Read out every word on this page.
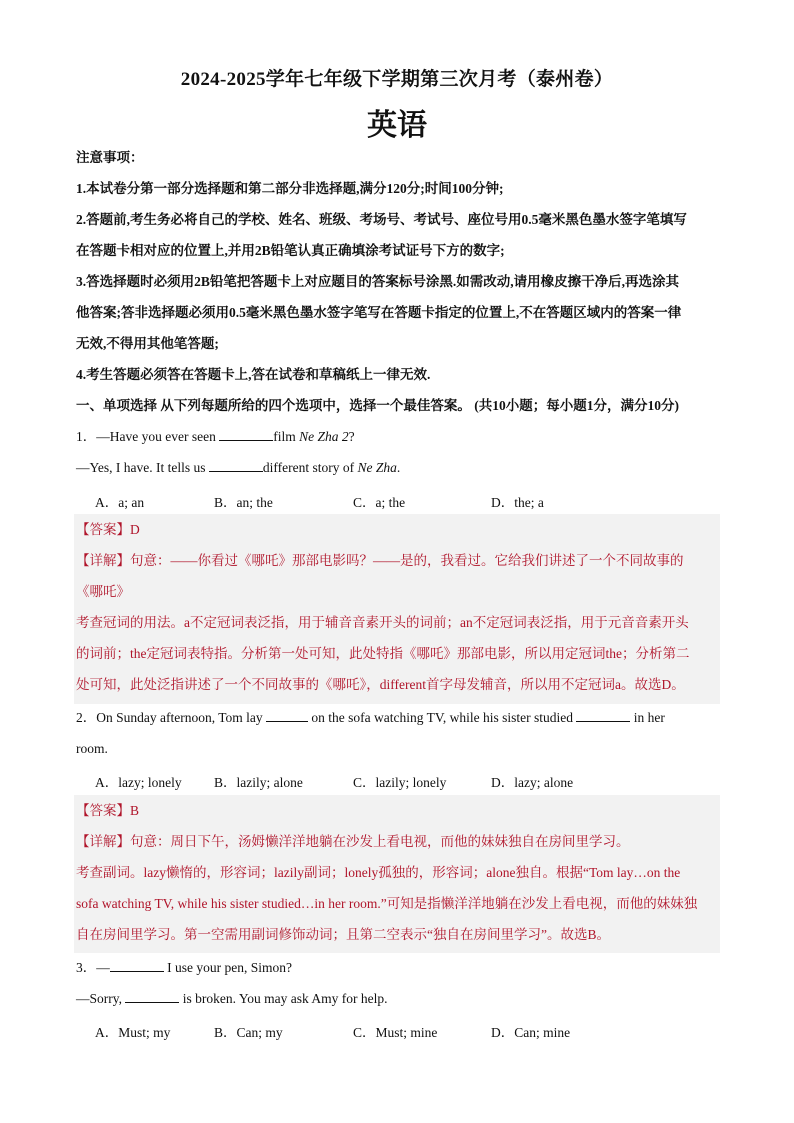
2024-2025学年七年级下学期第三次月考（泰州卷）
英语
注意事项：
1.本试卷分第一部分选择题和第二部分非选择题,满分120分;时间100分钟;
2.答题前,考生务必将自己的学校、姓名、班级、考场号、考试号、座位号用0.5毫米黑色墨水签字笔填写
在答题卡相对应的位置上,并用2B铅笔认真正确填涂考试证号下方的数字;
3.答选择题时必须用2B铅笔把答题卡上对应题目的答案标号涂黑.如需改动,请用橡皮擦干净后,再选涂其
他答案;答非选择题必须用0.5毫米黑色墨水签字笔写在答题卡指定的位置上,不在答题区域内的答案一律
无效,不得用其他笔答题;
4.考生答题必须答在答题卡上,答在试卷和草稿纸上一律无效.
一、单项选择 从下列每题所给的四个选项中，选择一个最佳答案。 (共10小题；每小题1分，满分10分)
1．—Have you ever seen	film Ne Zha 2?
—Yes, I have. It tells us	different story of Ne Zha.
A．a; an	B．an; the	C．a; the	D．the; a
【答案】D
【详解】句意：——你看过《哪吒》那部电影吗？——是的，我看过。它给我们讲述了一个不同故事的
《哪吒》
考查冠词的用法。a不定冠词表泛指，用于辅音音素开头的词前；an不定冠词表泛指，用于元音音素开头
的词前；the定冠词表特指。分析第一处可知，此处特指《哪吒》那部电影，所以用定冠词the；分析第二
处可知，此处泛指讲述了一个不同故事的《哪吒》，different首字母发辅音，所以用不定冠词a。故选D。
2．On Sunday afternoon, Tom lay	on the sofa watching TV, while his sister studied	in her
room.
A．lazy; lonely B．lazily; alone	C．lazily; lonely	D．lazy; alone
【答案】B
【详解】句意：周日下午，汤姆懒洋洋地躺在沙发上看电视，而他的妹妹独自在房间里学习。
考查副词。lazy懒惰的，形容词；lazily副词；lonely孤独的，形容词；alone独自。根据“Tom lay…on the
sofa watching TV, while his sister studied…in her room.”可知是指懒洋洋地躺在沙发上看电视，而他的妹妹独
自在房间里学习。第一空需用副词修饰动词；且第二空表示“独自在房间里学习”。故选B。
3．—	I use your pen, Simon?
—Sorry,	is broken. You may ask Amy for help.
A．Must; my	B．Can; my	C．Must; mine	D．Can; mine
